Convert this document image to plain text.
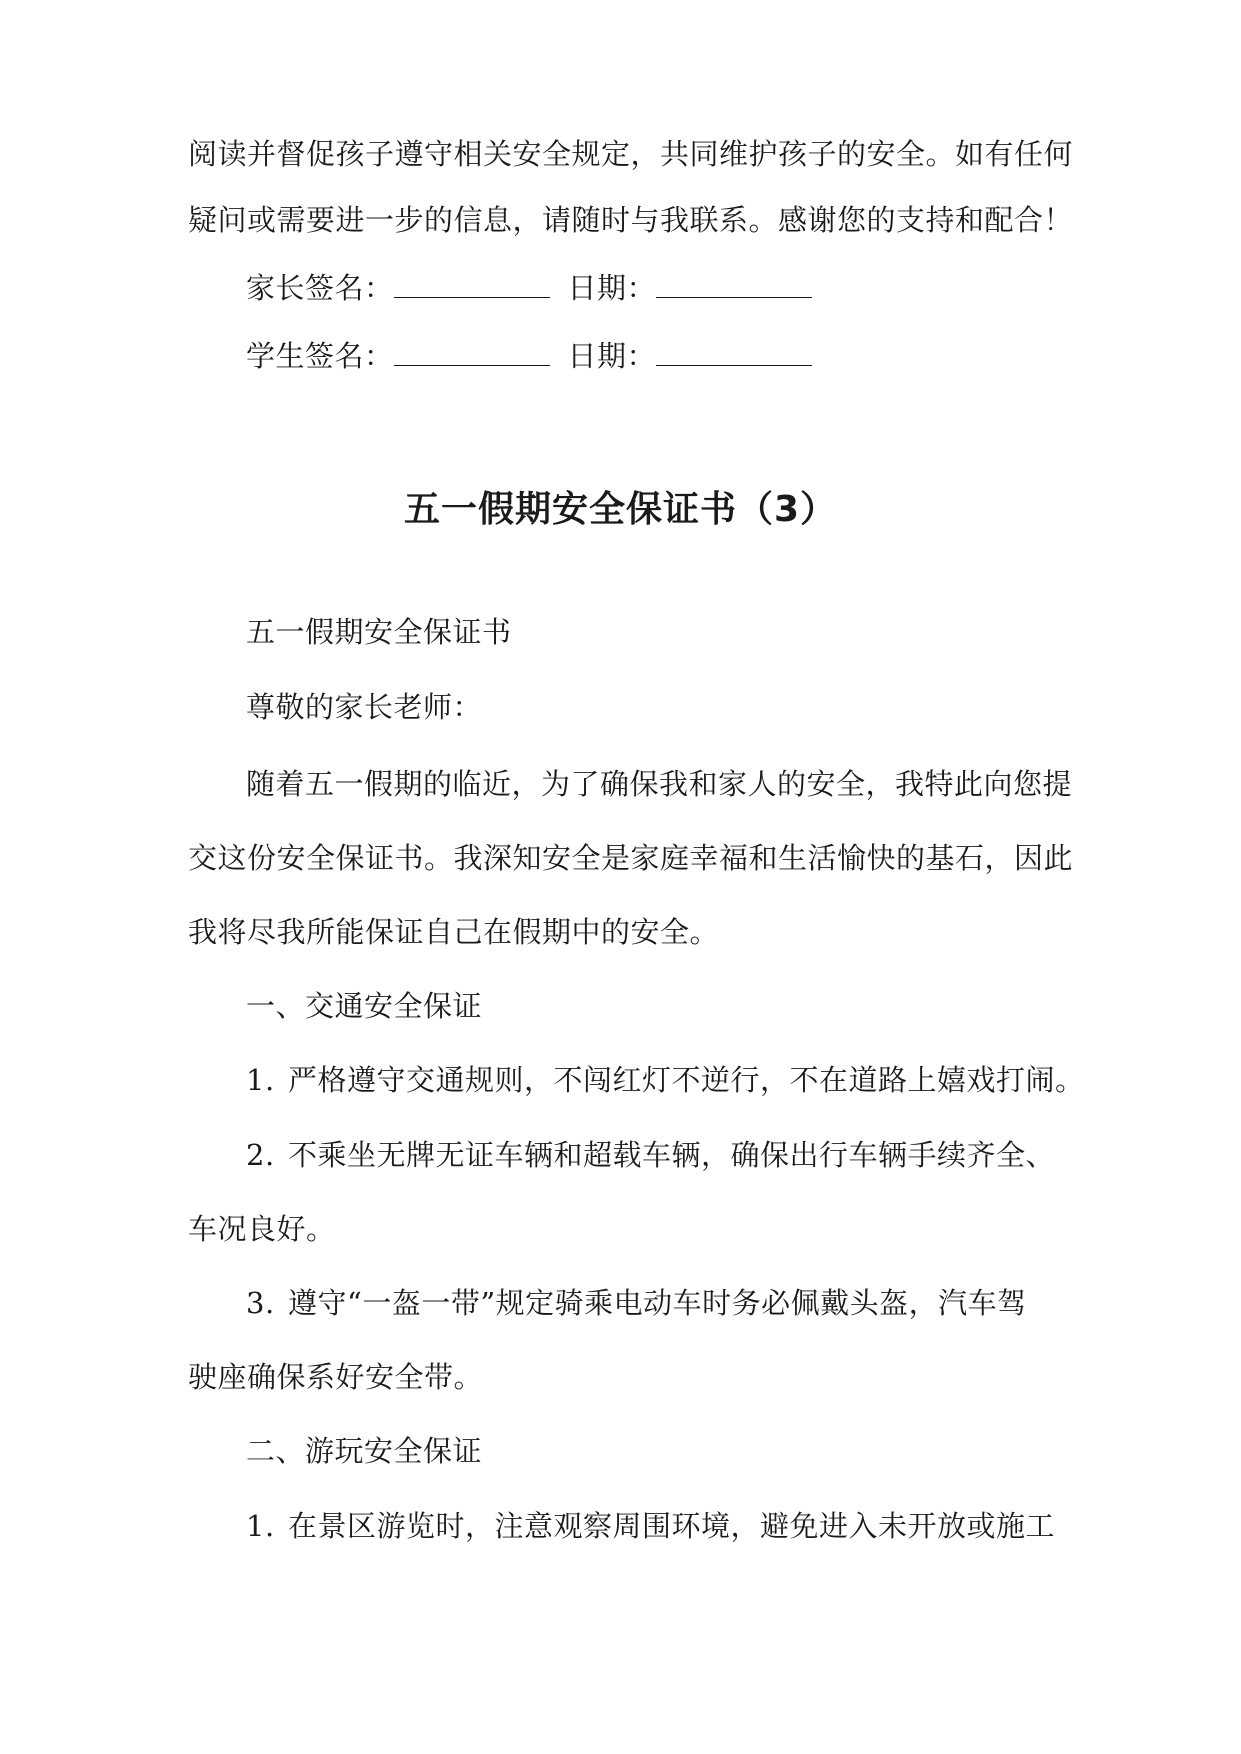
阅读并督促孩子遵守相关安全规定，共同维护孩子的安全。如有任何
疑问或需要进一步的信息，请随时与我联系。感谢您的支持和配合！
家长签名：	日期：
学生签名：	日期：
五一假期安全保证书（3）
五一假期安全保证书
尊敬的家长老师：
随着五一假期的临近，为了确保我和家人的安全，我特此向您提
交这份安全保证书。我深知安全是家庭幸福和生活愉快的基石，因此
我将尽我所能保证自己在假期中的安全。
一、交通安全保证
1. 严格遵守交通规则，不闯红灯不逆行，不在道路上嬉戏打闹。
2. 不乘坐无牌无证车辆和超载车辆，确保出行车辆手续齐全、
车况良好。
3. 遵守“一盔一带”规定骑乘电动车时务必佩戴头盔，汽车驾
驶座确保系好安全带。
二、游玩安全保证
1. 在景区游览时，注意观察周围环境，避免进入未开放或施工
